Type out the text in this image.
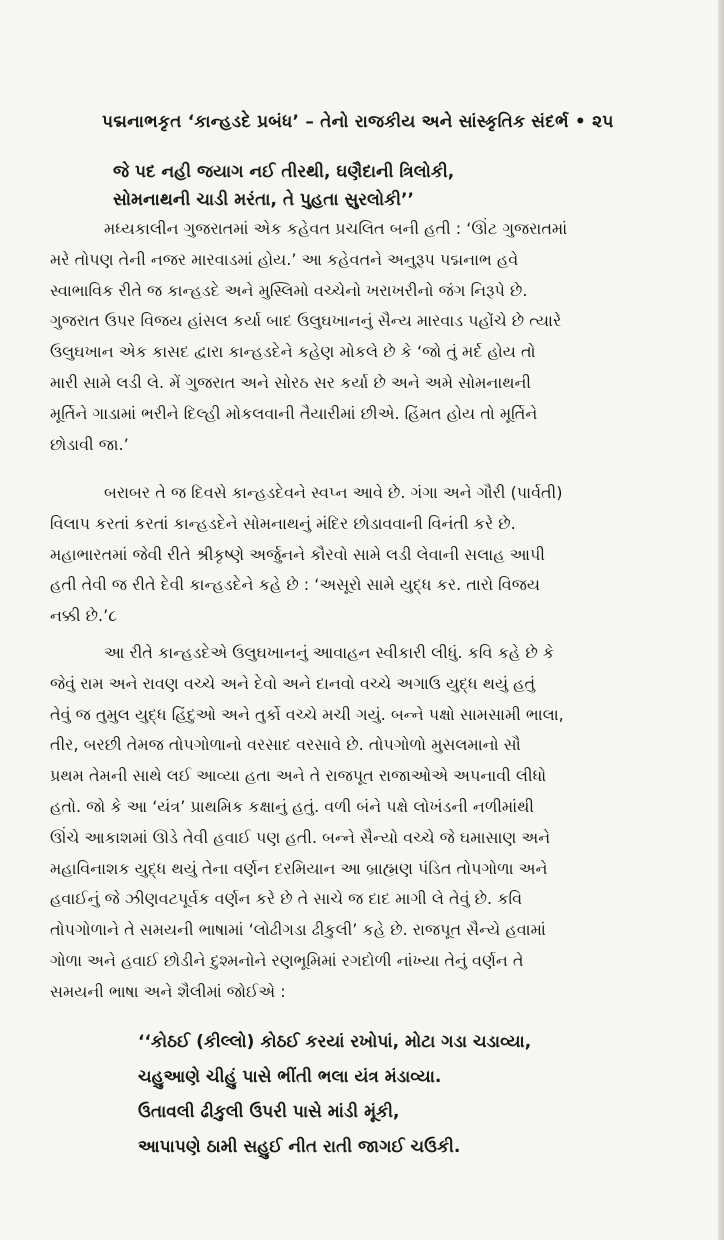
પદ્મનાભકૃત ‘કાન્હડદે પ્રબંધ’ – તેનો રાજકીય અને સાંસ્કૃતિક સંદર્ભ • ૨૫
જે પદ નહી જયાગ નઈ તીરથી, ઘણૈદાની ત્રિલોકી,
સોમનાથની ચાડી મરંતા, તે પુહતા સુરલોકી’’
મધ્યકાલીન ગુજરાતમાં એક કહેવત પ્રચલિત બની હતી : ‘ઊંટ ગુજરાતમાં
મરે તોપણ તેની નજર મારવાડમાં હોય.’ આ કહેવતને અનુરૂપ પદ્મનાભ હવે
સ્વાભાવિક રીતે જ કાન્હડદે અને મુસ્લિમો વચ્ચેનો ખરાખરીનો જંગ નિરૂપે છે.
ગુજરાત ઉપર વિજય હાંસલ કર્યા બાદ ઉલુઘખાનનું સૈન્ય મારવાડ પહોંચે છે ત્યારે
ઉલુઘખાન એક કાસદ દ્વારા કાન્હડદેને કહેણ મોકલે છે કે ‘જો તું મર્દ હોય તો
મારી સામે લડી લે. મેં ગુજરાત અને સોરઠ સર કર્યા છે અને અમે સોમનાથની
મૂર્તિને ગાડામાં ભરીને દિલ્હી મોકલવાની તૈયારીમાં છીએ. હિંમત હોય તો મૂર્તિને
છોડાવી જા.’
બરાબર તે જ દિવસે કાન્હડદેવને સ્વપ્ન આવે છે. ગંગા અને ગૌરી (પાર્વતી)
વિલાપ કરતાં કરતાં કાન્હડદેને સોમનાથનું મંદિર છોડાવવાની વિનંતી કરે છે.
મહાભારતમાં જેવી રીતે શ્રીકૃષ્ણે અર્જુનને કૌરવો સામે લડી લેવાની સલાહ આપી
હતી તેવી જ રીતે દેવી કાન્હડદેને કહે છે : ‘અસૂરો સામે યુદ્ધ કર. તારો વિજય
નક્કી છે.’૮
આ રીતે કાન્હડદેએ ઉલુઘખાનનું આવાહન સ્વીકારી લીધું. કવિ કહે છે કે
જેવું રામ અને રાવણ વચ્ચે અને દેવો અને દાનવો વચ્ચે અગાઉ યુદ્ધ થયું હતું
તેવું જ તુમુલ યુદ્ધ હિંદુઓ અને તુર્કો વચ્ચે મચી ગયું. બન્ને પક્ષો સામસામી ભાલા,
તીર, બરછી તેમજ તોપગોળાનો વરસાદ વરસાવે છે. તોપગોળો મુસલમાનો સૌ
પ્રથમ તેમની સાથે લઈ આવ્યા હતા અને તે રાજપૂત રાજાઓએ અપનાવી લીધો
હતો. જો કે આ ‘યંત્ર’ પ્રાથમિક કક્ષાનું હતું. વળી બંને પક્ષે લોખંડની નળીમાંથી
ઊંચે આકાશમાં ઊડે તેવી હવાઈ પણ હતી. બન્ને સૈન્યો વચ્ચે જે ઘમાસાણ અને
મહાવિનાશક યુદ્ધ થયું તેના વર્ણન દરમિયાન આ બ્રાહ્મણ પંડિત તોપગોળા અને
હવાઈનું જે ઝીણવટપૂર્વક વર્ણન કરે છે તે સાચે જ દાદ માગી લે તેવું છે. કવિ
તોપગોળાને તે સમયની ભાષામાં ‘લોઢીગડા ઢીકુલી’ કહે છે. રાજપૂત સૈન્યે હવામાં
ગોળા અને હવાઈ છોડીને દુશ્મનોને રણભૂમિમાં રગદોળી નાંખ્યા તેનું વર્ણન તે
સમયની ભાષા અને શૈલીમાં જોઈએ :
‘‘કોઠઈ (કીલ્લો) કોઠઈ કરયાં રખોપાં, મોટા ગડા ચડાવ્યા,
ચહુઆણે ચીહું પાસે ભીંતી ભલા યંત્ર મંડાવ્યા.
ઉતાવલી ઢીકુલી ઉપરી પાસે માંડી મૂંકી,
આપાપણે ઠામી સહુઈ નીત રાતી જાગઈ ચઉકી.
